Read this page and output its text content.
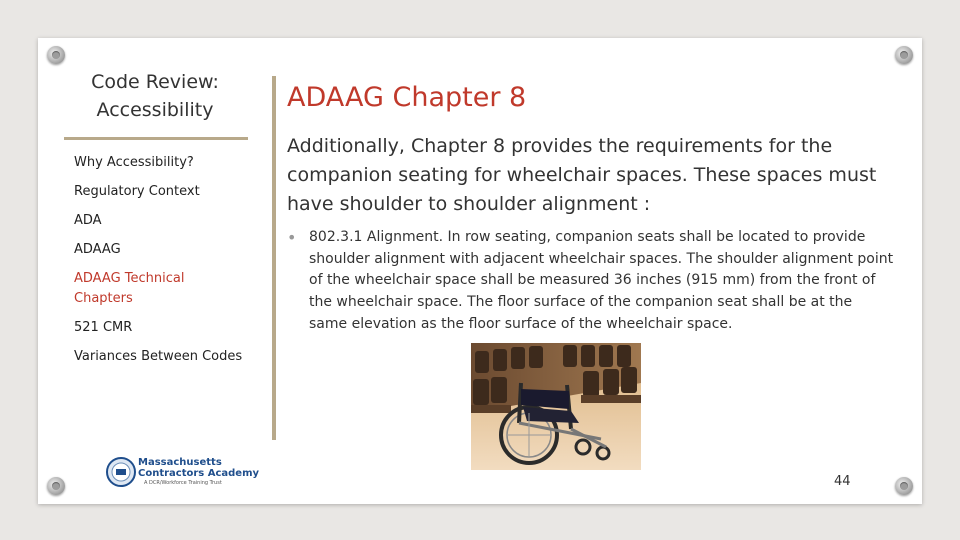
Code Review: Accessibility
Why Accessibility?
Regulatory Context
ADA
ADAAG
ADAAG Technical Chapters
521 CMR
Variances Between Codes
ADAAG Chapter 8

Additionally, Chapter 8 provides the requirements for the companion seating for wheelchair spaces. These spaces must have shoulder to shoulder alignment :

• 802.3.1 Alignment. In row seating, companion seats shall be located to provide shoulder alignment with adjacent wheelchair spaces. The shoulder alignment point of the wheelchair space shall be measured 36 inches (915 mm) from the front of the wheelchair space. The floor surface of the companion seat shall be at the same elevation as the floor surface of the wheelchair space.

Massachusetts
Contractors Academy
A DCR/Workforce Training Trust	44
